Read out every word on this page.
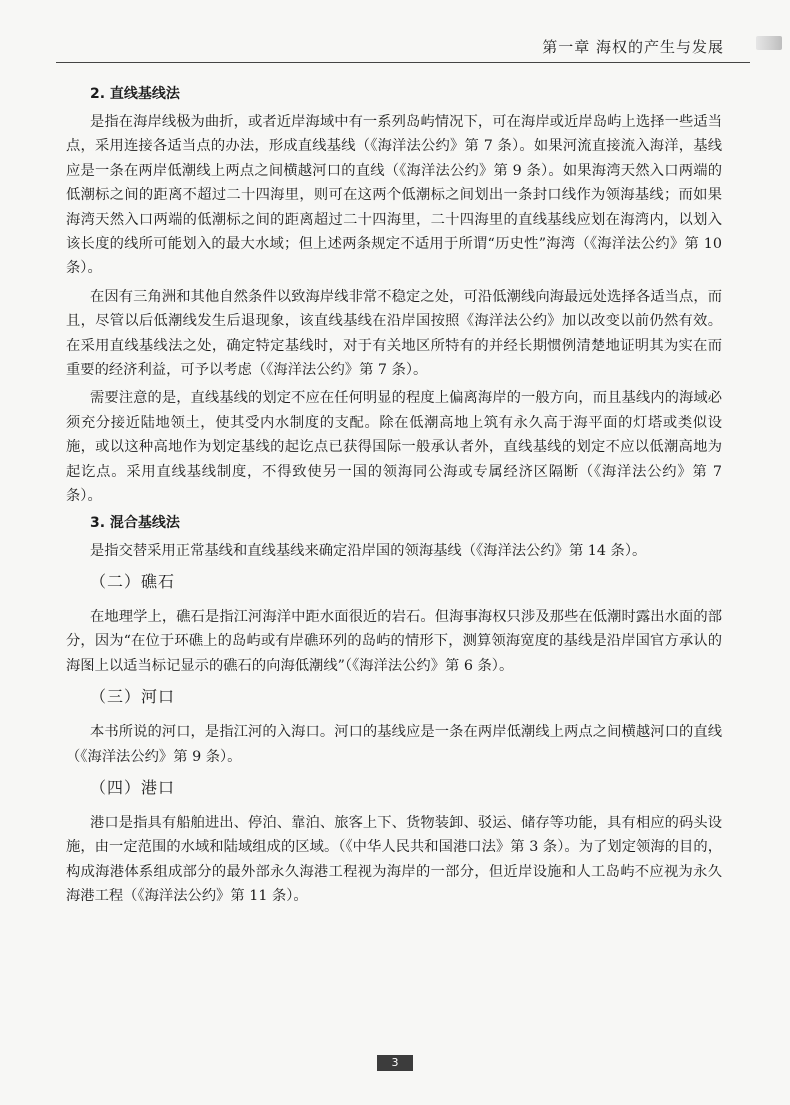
第一章 海权的产生与发展
2. 直线基线法

是指在海岸线极为曲折，或者近岸海域中有一系列岛屿情况下，可在海岸或近岸岛屿上选择一些适当点，采用连接各适当点的办法，形成直线基线（《海洋法公约》第 7 条）。如果河流直接流入海洋，基线应是一条在两岸低潮线上两点之间横越河口的直线（《海洋法公约》第 9 条）。如果海湾天然入口两端的低潮标之间的距离不超过二十四海里，则可在这两个低潮标之间划出一条封口线作为领海基线；而如果海湾天然入口两端的低潮标之间的距离超过二十四海里，二十四海里的直线基线应划在海湾内，以划入该长度的线所可能划入的最大水域；但上述两条规定不适用于所谓“历史性”海湾（《海洋法公约》第 10 条）。

在因有三角洲和其他自然条件以致海岸线非常不稳定之处，可沿低潮线向海最远处选择各适当点，而且，尽管以后低潮线发生后退现象，该直线基线在沿岸国按照《海洋法公约》加以改变以前仍然有效。在采用直线基线法之处，确定特定基线时，对于有关地区所特有的并经长期惯例清楚地证明其为实在而重要的经济利益，可予以考虑（《海洋法公约》第 7 条）。

需要注意的是，直线基线的划定不应在任何明显的程度上偏离海岸的一般方向，而且基线内的海域必须充分接近陆地领土，使其受内水制度的支配。除在低潮高地上筑有永久高于海平面的灯塔或类似设施，或以这种高地作为划定基线的起讫点已获得国际一般承认者外，直线基线的划定不应以低潮高地为起讫点。采用直线基线制度，不得致使另一国的领海同公海或专属经济区隔断（《海洋法公约》第 7 条）。

3. 混合基线法

是指交替采用正常基线和直线基线来确定沿岸国的领海基线（《海洋法公约》第 14 条）。

（二）礁石

在地理学上，礁石是指江河海洋中距水面很近的岩石。但海事海权只涉及那些在低潮时露出水面的部分，因为“在位于环礁上的岛屿或有岸礁环列的岛屿的情形下，测算领海宽度的基线是沿岸国官方承认的海图上以适当标记显示的礁石的向海低潮线”（《海洋法公约》第 6 条）。

（三）河口

本书所说的河口，是指江河的入海口。河口的基线应是一条在两岸低潮线上两点之间横越河口的直线（《海洋法公约》第 9 条）。

（四）港口

港口是指具有船舶进出、停泊、靠泊、旅客上下、货物装卸、驳运、储存等功能，具有相应的码头设施，由一定范围的水域和陆域组成的区域。（《中华人民共和国港口法》第 3 条）。为了划定领海的目的，构成海港体系组成部分的最外部永久海港工程视为海岸的一部分，但近岸设施和人工岛屿不应视为永久海港工程（《海洋法公约》第 11 条）。

3
